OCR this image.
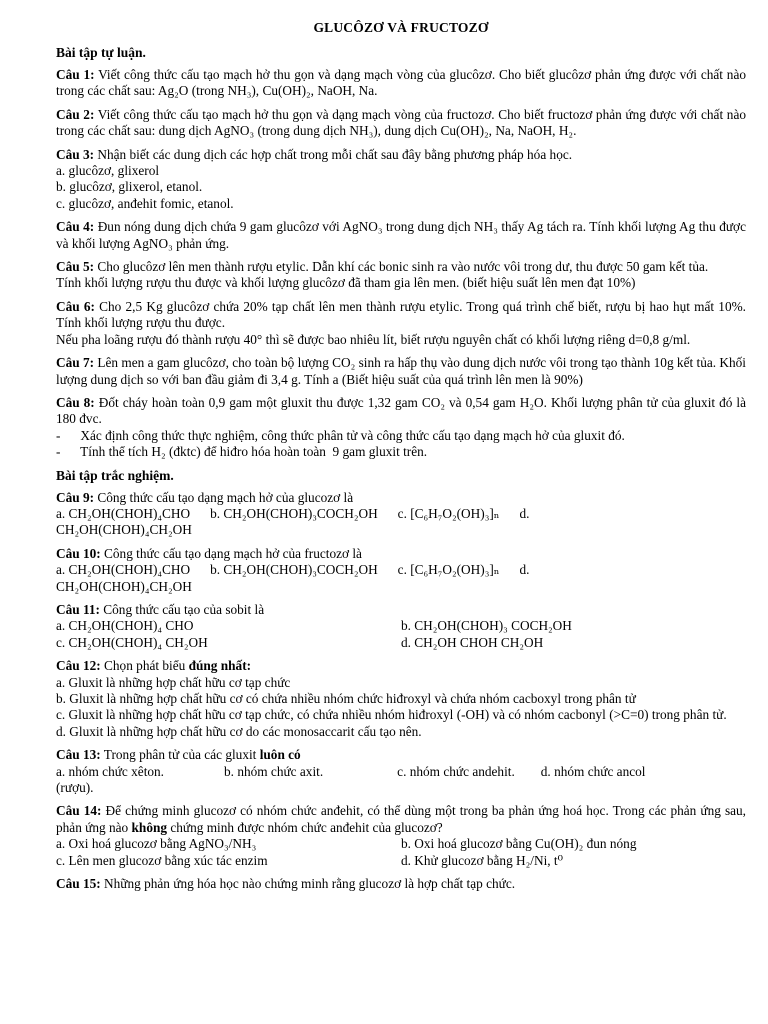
GLUCÔZƠ VÀ FRUCTOZƠ
Bài tập tự luận.

Câu 1: Viết công thức cấu tạo mạch hở thu gọn và dạng mạch vòng của glucôzơ. Cho biết glucôzơ phản ứng được với chất nào trong các chất sau: Ag₂O (trong NH₃), Cu(OH)₂, NaOH, Na.

Câu 2: Viết công thức cấu tạo mạch hở thu gọn và dạng mạch vòng của fructozơ. Cho biết fructozơ phản ứng được với chất nào trong các chất sau: dung dịch AgNO₃ (trong dung dịch NH₃), dung dịch Cu(OH)₂, Na, NaOH, H₂.

Câu 3: Nhận biết các dung dịch các hợp chất trong mỗi chất sau đây bằng phương pháp hóa học.

a. glucôzơ, glixerol

b. glucôzơ, glixerol, etanol.

c. glucôzơ, anđehit fomic, etanol.

Câu 4: Đun nóng dung dịch chứa 9 gam glucôzơ với AgNO₃ trong dung dịch NH₃ thấy Ag tách ra. Tính khối lượng Ag thu được và khối lượng AgNO₃ phản ứng.

Câu 5: Cho glucôzơ lên men thành rượu etylic. Dẫn khí các bonic sinh ra vào nước vôi trong dư, thu được 50 gam kết tủa.

Tính khối lượng rượu thu được và khối lượng glucôzơ đã tham gia lên men. (biết hiệu suất lên men đạt 10%)

Câu 6: Cho 2,5 Kg glucôzơ chứa 20% tạp chất lên men thành rượu etylic. Trong quá trình chế biết, rượu bị hao hụt mất 10%. Tính khối lượng rượu thu được.

Nếu pha loãng rượu đó thành rượu 40° thì sẽ được bao nhiêu lít, biết rượu nguyên chất có khối lượng riêng d=0,8 g/ml.

Câu 7: Lên men a gam glucôzơ, cho toàn bộ lượng CO₂ sinh ra hấp thụ vào dung dịch nước vôi trong tạo thành 10g kết tủa. Khối lượng dung dịch so với ban đầu giảm đi 3,4 g. Tính a (Biết hiệu suất của quá trình lên men là 90%)

Câu 8: Đốt cháy hoàn toàn 0,9 gam một gluxit thu được 1,32 gam CO₂ và 0,54 gam H₂O. Khối lượng phân tử của gluxit đó là 180 đvc.

-      Xác định công thức thực nghiệm, công thức phân tử và công thức cấu tạo dạng mạch hở của gluxit đó.

-      Tính thể tích H₂ (đktc) để hiđro hóa hoàn toàn  9 gam gluxit trên.

Bài tập trắc nghiệm.

Câu 9: Công thức cấu tạo dạng mạch hở của glucozơ là

a. CH₂OH(CHOH)₄CHO b. CH₂OH(CHOH)₃COCH₂OH c. [C₆H₇O₂(OH)₃]ₙ d.

CH₂OH(CHOH)₄CH₂OH

Câu 10: Công thức cấu tạo dạng mạch hở của fructozơ là

a. CH₂OH(CHOH)₄CHO b. CH₂OH(CHOH)₃COCH₂OH c. [C₆H₇O₂(OH)₃]ₙ d.

CH₂OH(CHOH)₄CH₂OH

Câu 11: Công thức cấu tạo của sobit là

a. CH₂OH(CHOH)₄ CHO	b. CH₂OH(CHOH)₃ COCH₂OH
c. CH₂OH(CHOH)₄ CH₂OH	d. CH₂OH CHOH CH₂OH

Câu 12: Chọn phát biểu đúng nhất:

a. Gluxit là những hợp chất hữu cơ tạp chức

b. Gluxit là những hợp chất hữu cơ có chứa nhiều nhóm chức hiđroxyl và chứa nhóm cacboxyl trong phân tử

c. Gluxit là những hợp chất hữu cơ tạp chức, có chứa nhiều nhóm hiđroxyl (-OH) và có nhóm cacbonyl (>C=0) trong phân tử.

d. Gluxit là những hợp chất hữu cơ do các monosaccarit cấu tạo nên.

Câu 13: Trong phân tử của các gluxit luôn có

a. nhóm chức xêton.	b. nhóm chức axit.	c. nhóm chức andehit. d. nhóm chức ancol

(rượu).

Câu 14: Để chứng minh glucozơ có nhóm chức anđehit, có thể dùng một trong ba phản ứng hoá học. Trong các phản ứng sau, phản ứng nào không chứng minh được nhóm chức anđehit của glucozơ?

a. Oxi hoá glucozơ bằng AgNO₃/NH₃	b. Oxi hoá glucozơ bằng Cu(OH)₂ đun nóng
c. Lên men glucozơ bằng xúc tác enzim	d. Khử glucozơ bằng H₂/Ni, t⁰

Câu 15: Những phản ứng hóa học nào chứng minh rằng glucozơ là hợp chất tạp chức.
